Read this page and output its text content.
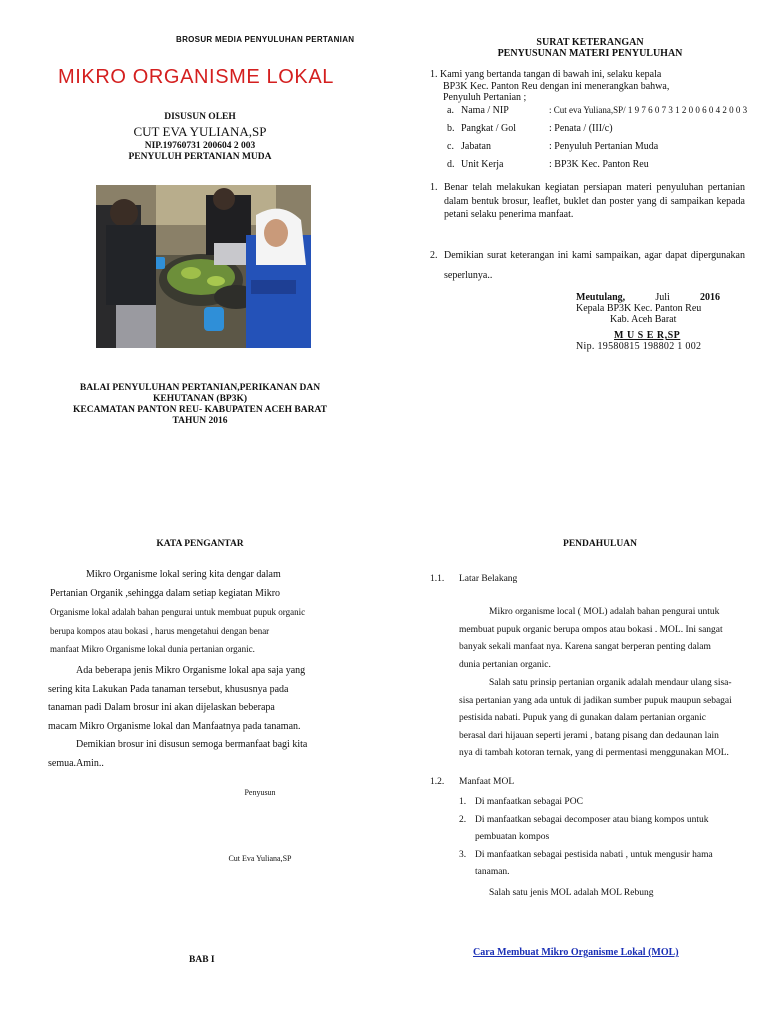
BROSUR MEDIA PENYULUHAN PERTANIAN
MIKRO ORGANISME LOKAL
DISUSUN OLEH
CUT EVA YULIANA,SP
NIP.19760731 200604 2 003
PENYULUH PERTANIAN MUDA
BALAI PENYULUHAN PERTANIAN,PERIKANAN DAN
KEHUTANAN (BP3K)
KECAMATAN PANTON REU- KABUPATEN ACEH BARAT
TAHUN 2016
SURAT KETERANGAN
PENYUSUNAN MATERI PENYULUHAN
1. Kami yang bertanda tangan di bawah ini, selaku kepala
BP3K Kec. Panton Reu dengan ini menerangkan bahwa,
Penyuluh Pertanian ;
a. Nama / NIP	: Cut eva Yuliana,SP/ 1 9 7 6 0 7 3 1 2 0 0 6 0 4 2 0 0 3
b. Pangkat / Gol	: Penata / (III/c)
c. Jabatan	: Penyuluh Pertanian Muda
d. Unit Kerja	: BP3K Kec. Panton Reu
1. Benar telah melakukan kegiatan persiapan materi penyuluhan pertanian dalam bentuk brosur, leaflet, buklet dan poster yang di sampaikan kepada petani selaku penerima manfaat.
2. Demikian surat keterangan ini kami sampaikan, agar dapat dipergunakan seperlunya..
Meutulang,	Juli	2016
Kepala BP3K Kec. Panton Reu
Kab. Aceh Barat
M U S E R,SP
Nip. 19580815 198802 1 002
KATA PENGANTAR
Mikro Organisme lokal sering kita dengar dalam
Pertanian Organik ,sehingga dalam setiap kegiatan Mikro
Organisme lokal adalah bahan pengurai untuk membuat pupuk organic
berupa kompos atau bokasi , harus mengetahui dengan benar
manfaat Mikro Organisme lokal dunia pertanian organic.
Ada beberapa jenis Mikro Organisme lokal apa saja yang
sering kita Lakukan Pada tanaman tersebut, khususnya pada
tanaman padi Dalam brosur ini akan dijelaskan beberapa
macam Mikro Organisme lokal dan Manfaatnya pada tanaman.
Demikian brosur ini disusun semoga bermanfaat bagi kita
semua.Amin..
Penyusun
Cut Eva Yuliana,SP
BAB I
PENDAHULUAN
1.1.	Latar Belakang
Mikro organisme local ( MOL) adalah bahan pengurai untuk
membuat pupuk organic berupa ompos atau bokasi . MOL. Ini sangat
banyak sekali manfaat nya. Karena sangat berperan penting dalam
dunia pertanian organic.
Salah satu prinsip pertanian organik adalah mendaur ulang sisa-
sisa pertanian yang ada untuk di jadikan sumber pupuk maupun sebagai
pestisida nabati. Pupuk yang di gunakan dalam pertanian organic
berasal dari hijauan seperti jerami , batang pisang dan dedaunan lain
nya di tambah kotoran ternak, yang di permentasi menggunakan MOL.
1.2.	Manfaat MOL
1. Di manfaatkan sebagai POC
2. Di manfaatkan sebagai decomposer atau biang kompos untuk
pembuatan kompos
3. Di manfaatkan sebagai pestisida nabati , untuk mengusir hama
tanaman.
Salah satu jenis MOL adalah MOL Rebung
Cara Membuat Mikro Organisme Lokal (MOL)
